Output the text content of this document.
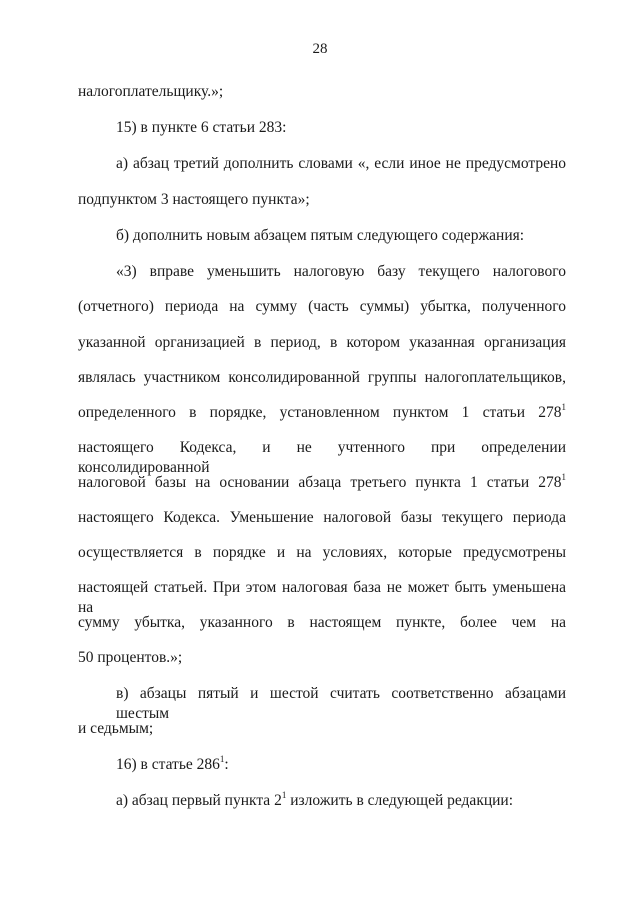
28
налогоплательщику.»;
15) в пункте 6 статьи 283:
а) абзац третий дополнить словами «, если иное не предусмотрено
подпунктом 3 настоящего пункта»;
б) дополнить новым абзацем пятым следующего содержания:
«3) вправе уменьшить налоговую базу текущего налогового
(отчетного) периода на сумму (часть суммы) убытка, полученного
указанной организацией в период, в котором указанная организация
являлась участником консолидированной группы налогоплательщиков,
определенного в порядке, установленном пунктом 1 статьи $278^1$
настоящего Кодекса, и не учтенного при определении консолидированной
налоговой базы на основании абзаца третьего пункта 1 статьи $278^1$
настоящего Кодекса. Уменьшение налоговой базы текущего периода
осуществляется в порядке и на условиях, которые предусмотрены
настоящей статьей. При этом налоговая база не может быть уменьшена на
сумму убытка, указанного в настоящем пункте, более чем на
50 процентов.»;
в) абзацы пятый и шестой считать соответственно абзацами шестым
и седьмым;
16) в статье $286^1$:
а) абзац первый пункта $2^1$ изложить в следующей редакции:
